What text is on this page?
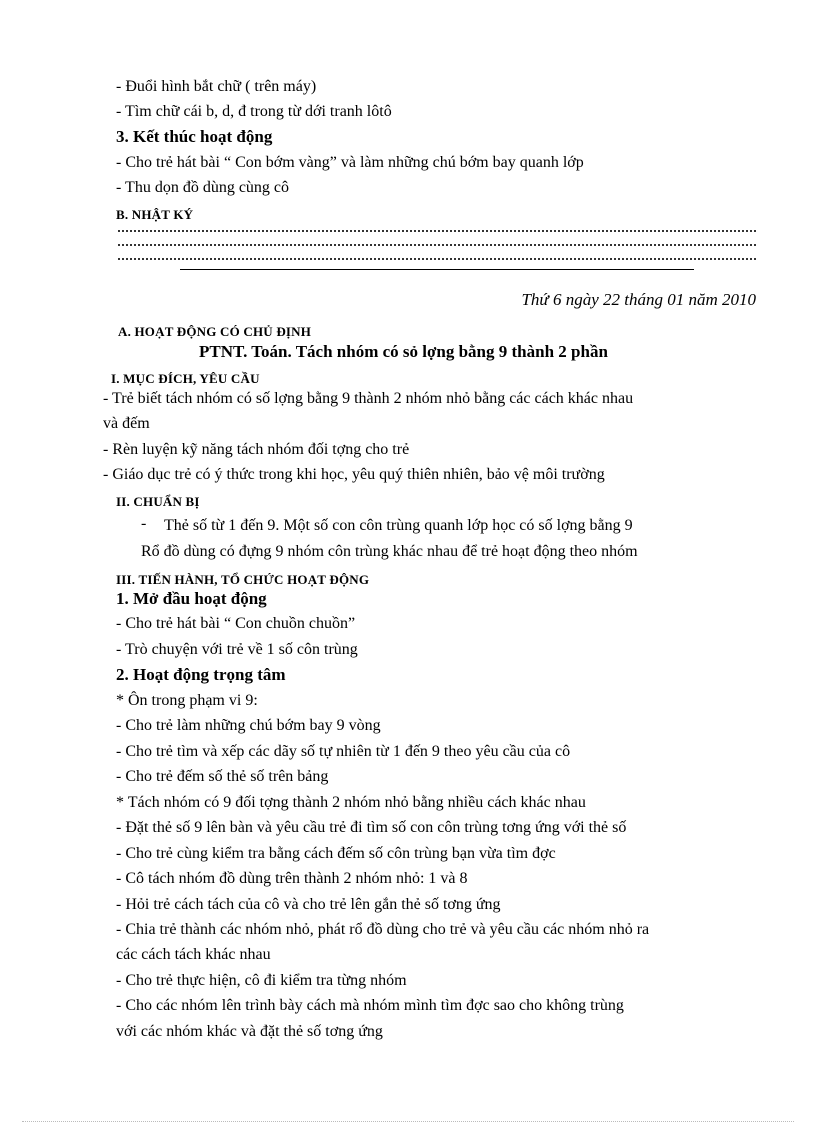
- Đuổi hình bắt chữ ( trên máy)
- Tìm chữ cái b, d, đ trong từ dới tranh lôtô
3. Kết thúc hoạt động
- Cho trẻ hát bài “ Con bớm vàng” và làm những chú bớm bay quanh lớp
- Thu dọn đồ dùng cùng cô
B. NHẬT KÝ
Thứ 6 ngày 22 tháng 01 năm 2010
A. HOẠT ĐỘNG CÓ CHỦ ĐỊNH
PTNT. Toán. Tách nhóm có sỏ lợng bằng 9 thành 2 phần
I. MỤC ĐÍCH, YÊU CẦU
- Trẻ biết tách nhóm có số lợng bằng 9 thành 2 nhóm nhỏ bằng các cách khác nhau
và đếm
- Rèn luyện kỹ năng tách nhóm đối tợng cho trẻ
- Giáo dục trẻ có ý thức trong khi học, yêu quý thiên nhiên, bảo vệ môi trường
II. CHUẨN BỊ
- Thẻ số từ 1 đến 9. Một số con côn trùng quanh lớp học có số lợng bằng 9
Rổ đồ dùng có đựng 9 nhóm côn trùng khác nhau để trẻ hoạt động theo nhóm
III. TIẾN HÀNH, TỔ CHỨC HOẠT ĐỘNG
1. Mở đầu hoạt động
- Cho trẻ hát bài “ Con chuồn chuồn”
- Trò chuyện với trẻ về 1 số côn trùng
2. Hoạt động trọng tâm
* Ôn trong phạm vi 9:
- Cho trẻ làm những chú bớm bay 9 vòng
- Cho trẻ tìm và xếp các dãy số tự nhiên từ 1 đến 9 theo yêu cầu của cô
- Cho trẻ đếm số thẻ số trên bảng
* Tách nhóm có 9 đối tợng thành 2 nhóm nhỏ bằng nhiều cách khác nhau
- Đặt thẻ số 9 lên bàn và yêu cầu trẻ đi tìm số con côn trùng tơng ứng với thẻ số
- Cho trẻ cùng kiểm tra bằng cách đếm số côn trùng bạn vừa tìm đợc
- Cô tách nhóm đồ dùng trên thành 2 nhóm nhỏ: 1 và 8
- Hỏi trẻ cách tách của cô và cho trẻ lên gắn thẻ số tơng ứng
- Chia trẻ thành các nhóm nhỏ, phát rổ đồ dùng cho trẻ và yêu cầu các nhóm nhỏ ra
các cách tách khác nhau
- Cho trẻ thực hiện, cô đi kiểm tra từng nhóm
- Cho các nhóm lên trình bày cách mà nhóm mình tìm đợc sao cho không trùng
với các nhóm khác và đặt thẻ số tơng ứng
